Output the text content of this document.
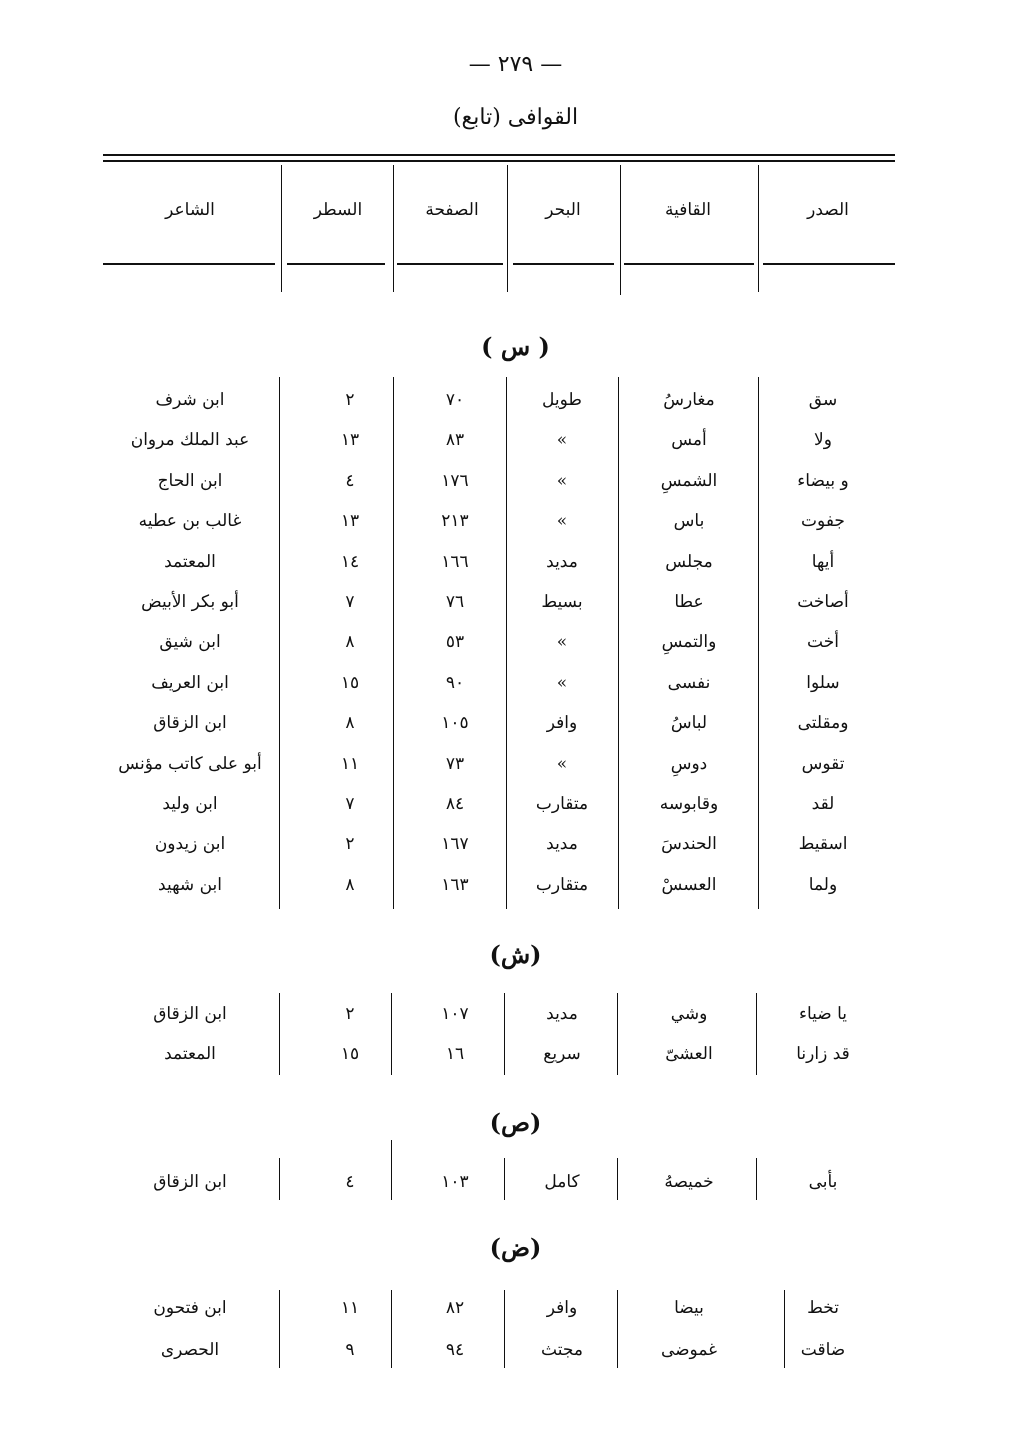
— ٢٧٩ —
(تابع) القوافى
الشاعر	السطر	الصفحة	البحر	القافية	الصدر
( س )
(ش)
(ص)
(ض)
ابن شرف	٢	٧٠	طويل	مغارسُ	سق
عبد الملك مروان	١٣	٨٣	»	أمس	ولا
ابن الحاج	٤	١٧٦	»	الشمسِ	و بيضاء
غالب بن عطيه	١٣	٢١٣	»	باس	جفوت
المعتمد	١٤	١٦٦	مديد	مجلس	أيها
أبو بكر الأبيض	٧	٧٦	بسيط	عطا	أصاخت
ابن شيق	٨	٥٣	»	والتمسِ	أخت
ابن العريف	١٥	٩٠	»	نفسى	سلوا
ابن الزقاق	٨	١٠٥	وافر	لباسُ	ومقلتى
أبو على كاتب مؤنس	١١	٧٣	»	دوسِ	تقوس
ابن وليد	٧	٨٤	متقارب	وقابوسه	لقد
ابن زيدون	٢	١٦٧	مديد	الحندسَ	اسقيط
ابن شهيد	٨	١٦٣	متقارب	العسسْ	ولما
ابن الزقاق	٢	١٠٧	مديد	وشي	يا ضياء
المعتمد	١٥	١٦	سريع	العشىّ	قد زارنا
ابن الزقاق	٤	١٠٣	كامل	خميصهُ	بأبى
ابن فتحون	١١	٨٢	وافر	بيضا	تخط
الحصرى	٩	٩٤	مجتث	غموضى	ضاقت
